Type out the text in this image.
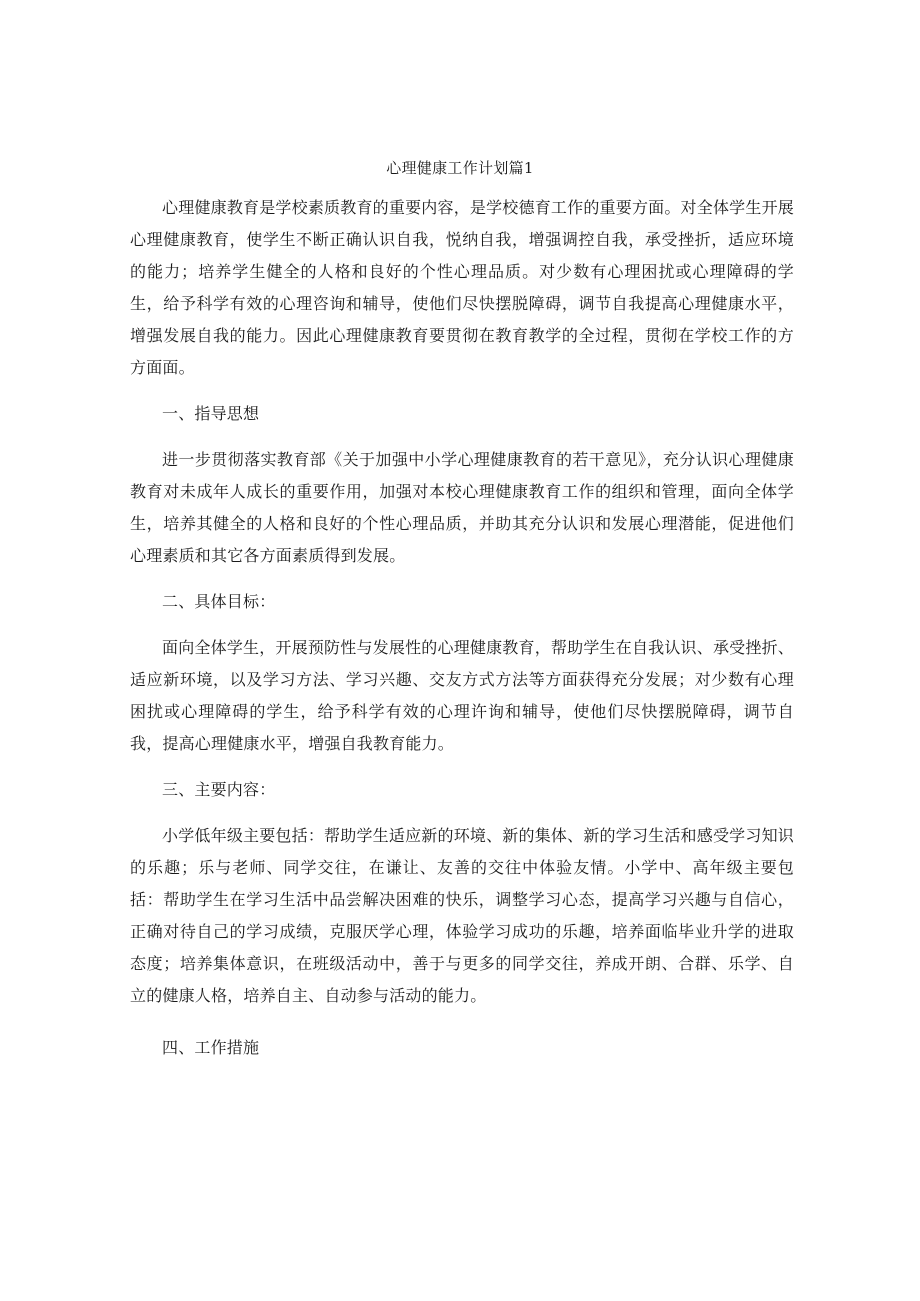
心理健康工作计划篇1

心理健康教育是学校素质教育的重要内容，是学校德育工作的重要方面。对全体学生开展心理健康教育，使学生不断正确认识自我，悦纳自我，增强调控自我，承受挫折，适应环境的能力；培养学生健全的人格和良好的个性心理品质。对少数有心理困扰或心理障碍的学生，给予科学有效的心理咨询和辅导，使他们尽快摆脱障碍，调节自我提高心理健康水平，增强发展自我的能力。因此心理健康教育要贯彻在教育教学的全过程，贯彻在学校工作的方方面面。

一、指导思想

进一步贯彻落实教育部《关于加强中小学心理健康教育的若干意见》，充分认识心理健康教育对未成年人成长的重要作用，加强对本校心理健康教育工作的组织和管理，面向全体学生，培养其健全的人格和良好的个性心理品质，并助其充分认识和发展心理潜能，促进他们心理素质和其它各方面素质得到发展。

二、具体目标：

面向全体学生，开展预防性与发展性的心理健康教育，帮助学生在自我认识、承受挫折、适应新环境，以及学习方法、学习兴趣、交友方式方法等方面获得充分发展；对少数有心理困扰或心理障碍的学生，给予科学有效的心理许询和辅导，使他们尽快摆脱障碍，调节自我，提高心理健康水平，增强自我教育能力。

三、主要内容：

小学低年级主要包括：帮助学生适应新的环境、新的集体、新的学习生活和感受学习知识的乐趣；乐与老师、同学交往，在谦让、友善的交往中体验友情。小学中、高年级主要包括：帮助学生在学习生活中品尝解决困难的快乐，调整学习心态，提高学习兴趣与自信心，正确对待自己的学习成绩，克服厌学心理，体验学习成功的乐趣，培养面临毕业升学的进取态度；培养集体意识，在班级活动中，善于与更多的同学交往，养成开朗、合群、乐学、自立的健康人格，培养自主、自动参与活动的能力。

四、工作措施
